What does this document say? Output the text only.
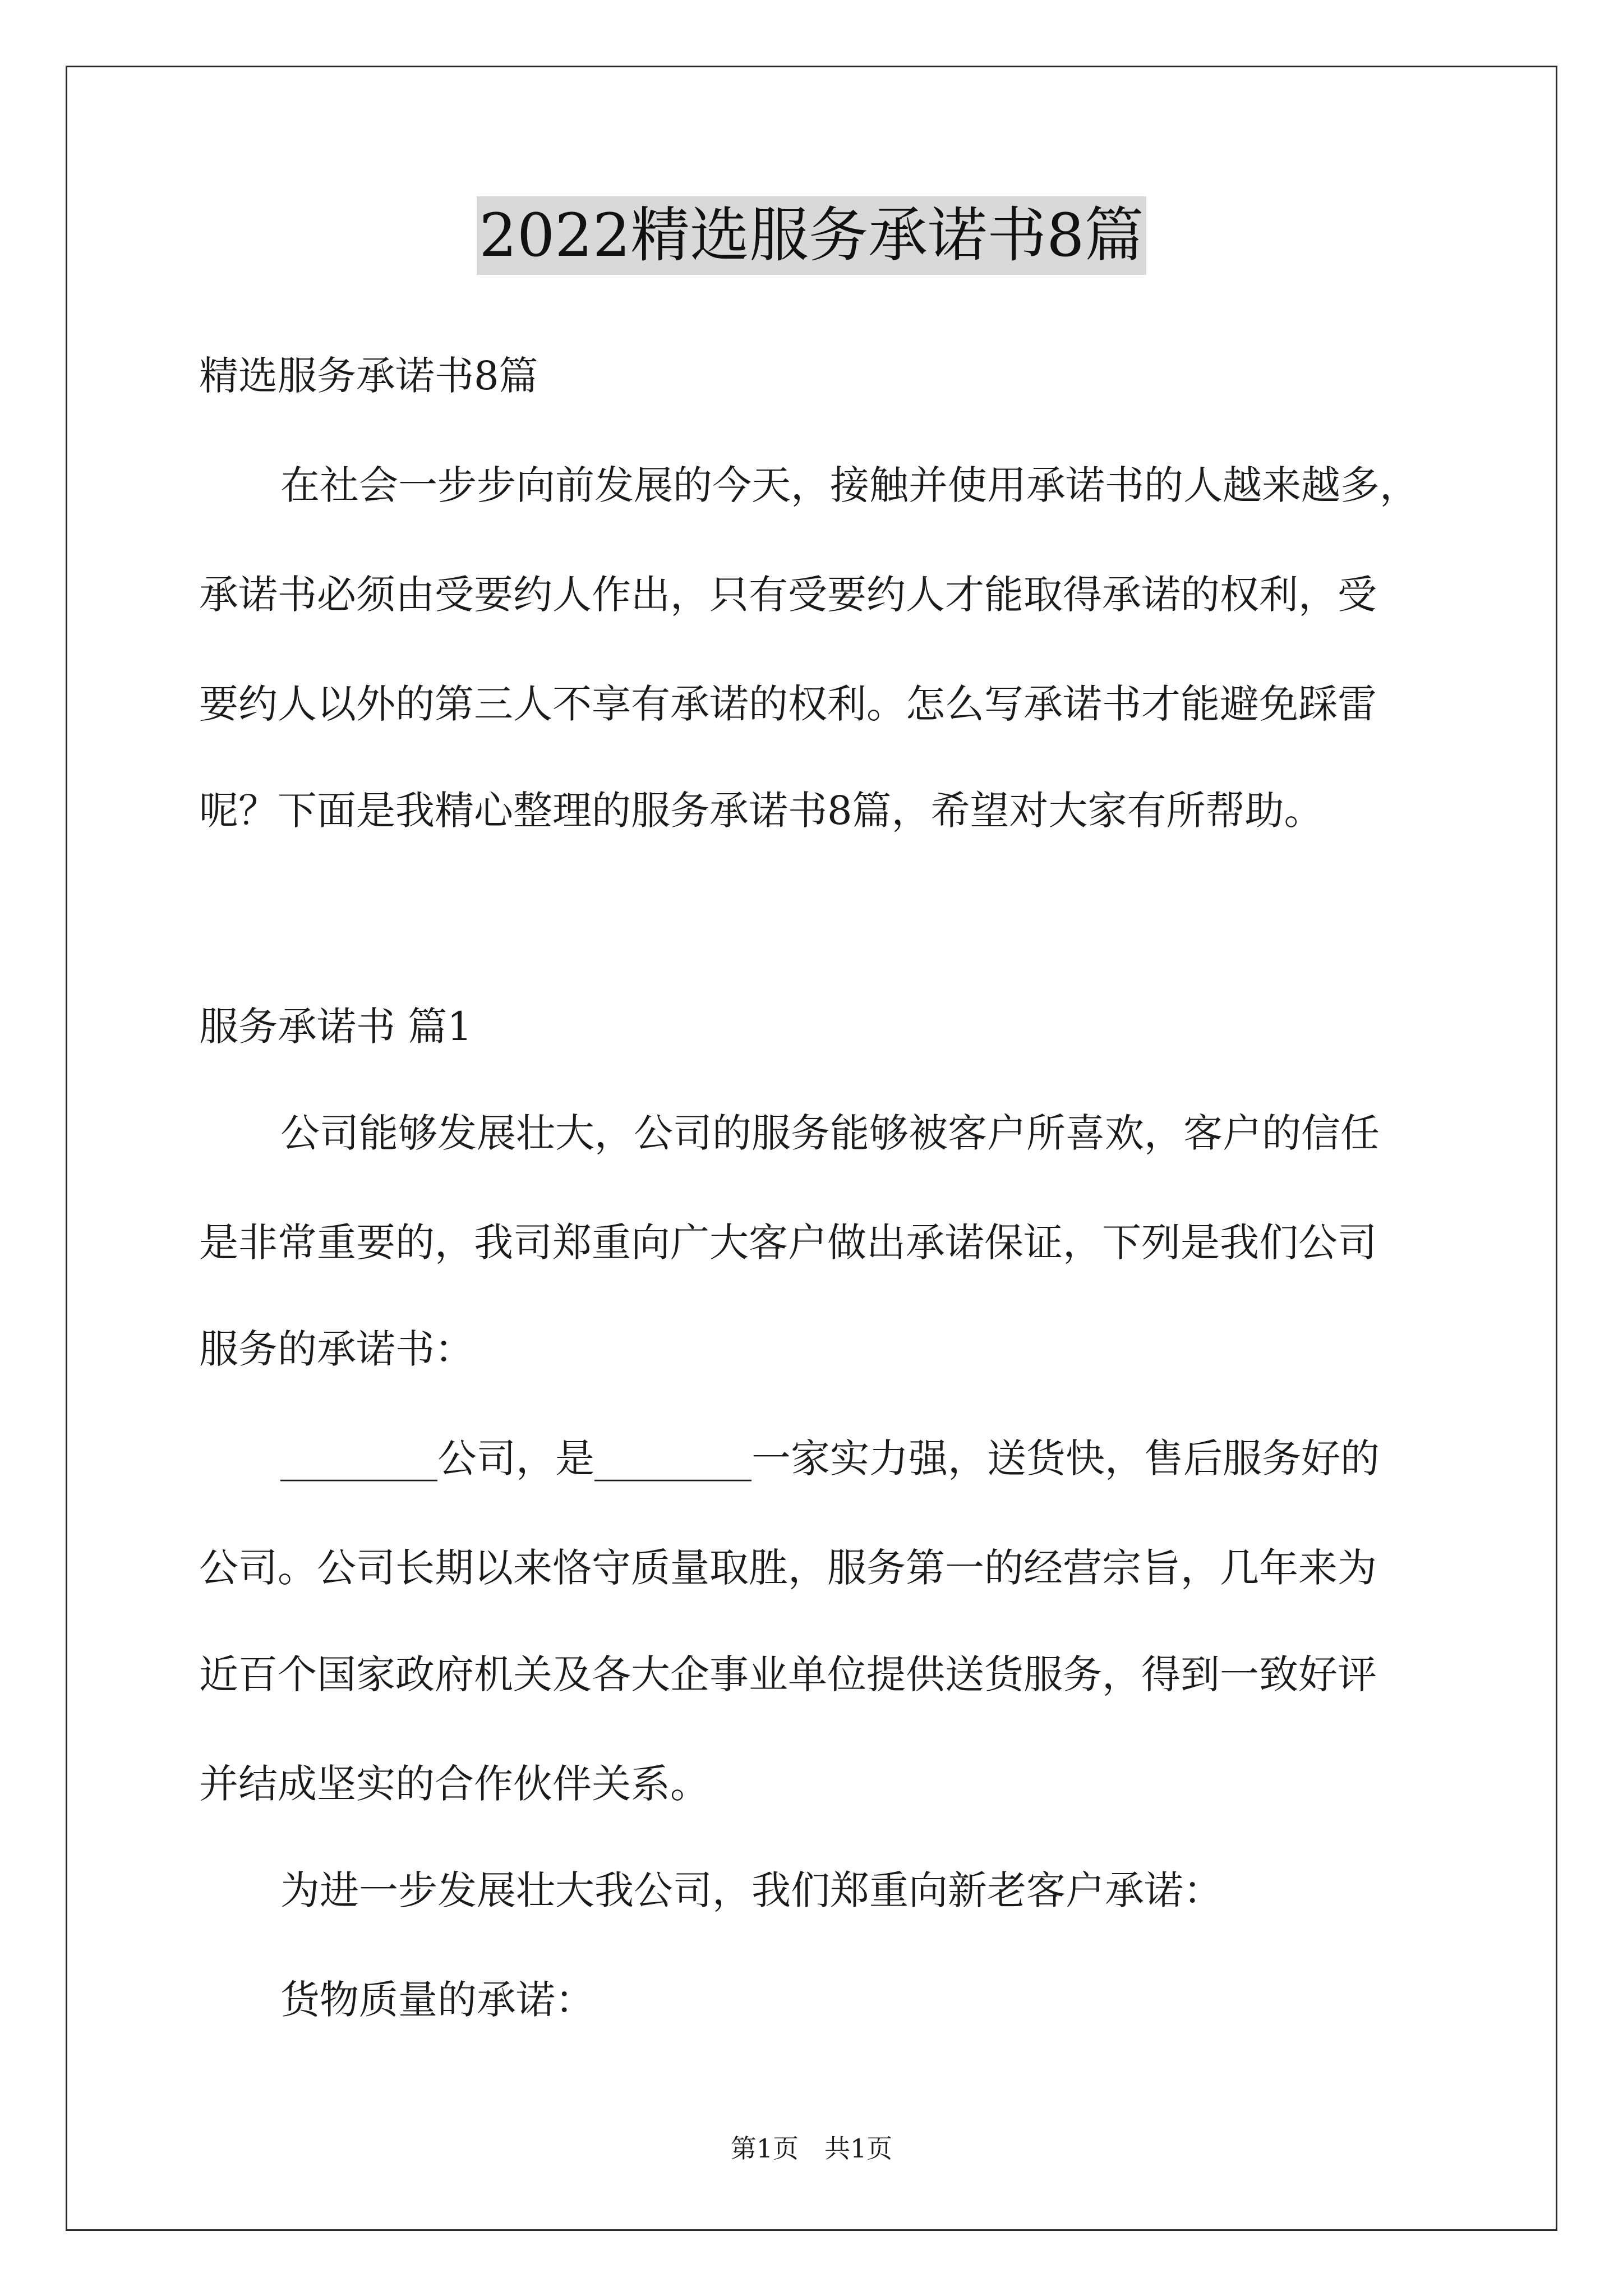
2022精选服务承诺书8篇
精选服务承诺书8篇
在社会一步步向前发展的今天，接触并使用承诺书的人越来越多，
承诺书必须由受要约人作出，只有受要约人才能取得承诺的权利，受
要约人以外的第三人不享有承诺的权利。怎么写承诺书才能避免踩雷
呢？下面是我精心整理的服务承诺书8篇，希望对大家有所帮助。
服务承诺书 篇1
公司能够发展壮大，公司的服务能够被客户所喜欢，客户的信任
是非常重要的，我司郑重向广大客户做出承诺保证，下列是我们公司
服务的承诺书：
________公司，是________一家实力强，送货快，售后服务好的
公司。公司长期以来恪守质量取胜，服务第一的经营宗旨，几年来为
近百个国家政府机关及各大企事业单位提供送货服务，得到一致好评
并结成坚实的合作伙伴关系。
为进一步发展壮大我公司，我们郑重向新老客户承诺：
货物质量的承诺：
第1页　共1页
